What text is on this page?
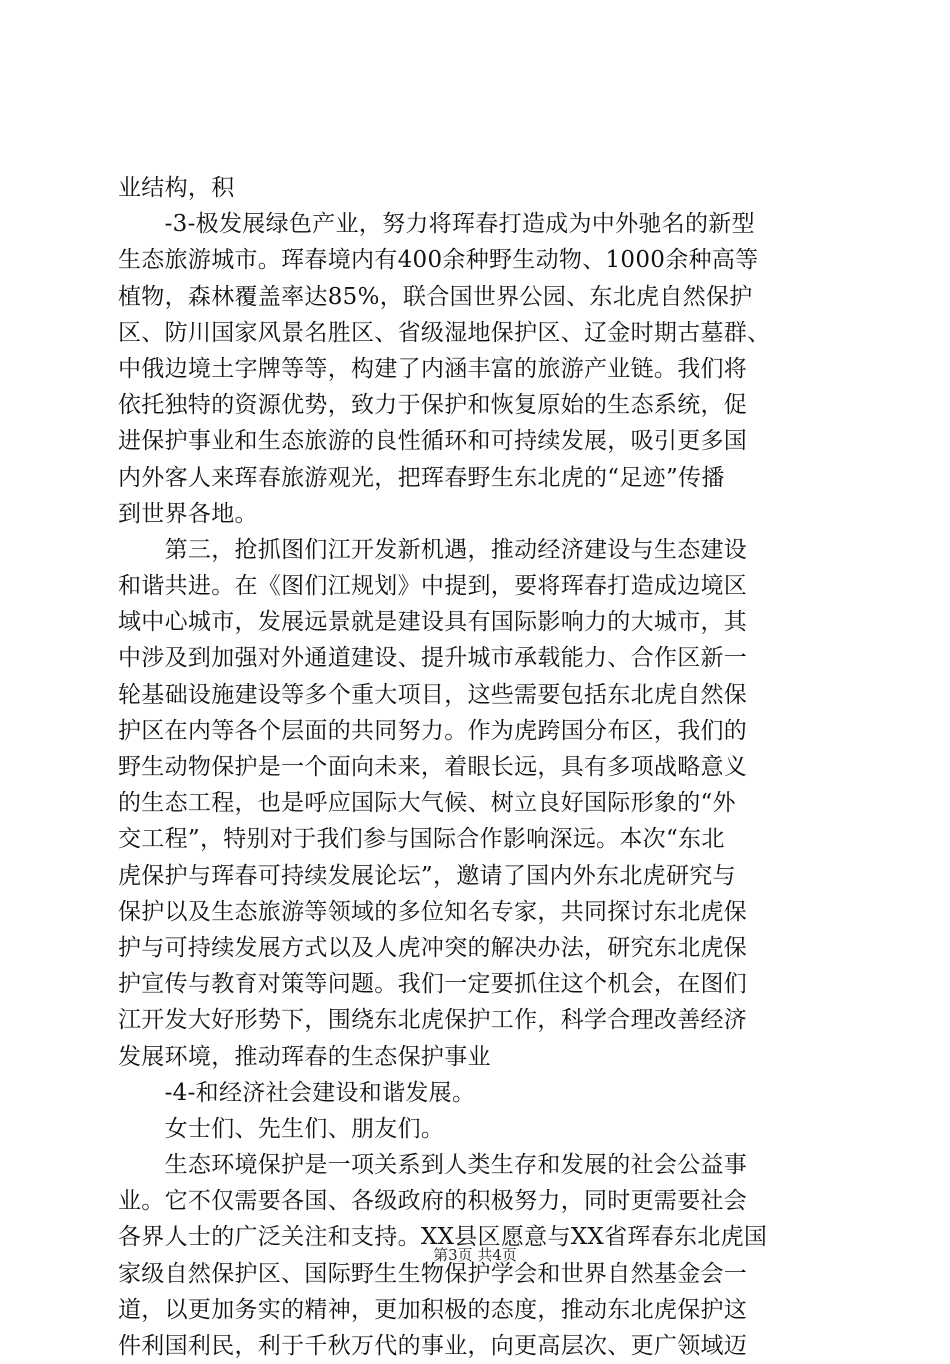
业结构，积
　　-3-极发展绿色产业，努力将珲春打造成为中外驰名的新型
生态旅游城市。珲春境内有400余种野生动物、1000余种高等
植物，森林覆盖率达85%，联合国世界公园、东北虎自然保护
区、防川国家风景名胜区、省级湿地保护区、辽金时期古墓群、
中俄边境土字牌等等，构建了内涵丰富的旅游产业链。我们将
依托独特的资源优势，致力于保护和恢复原始的生态系统，促
进保护事业和生态旅游的良性循环和可持续发展，吸引更多国
内外客人来珲春旅游观光，把珲春野生东北虎的“足迹”传播
到世界各地。
　　第三，抢抓图们江开发新机遇，推动经济建设与生态建设
和谐共进。在《图们江规划》中提到，要将珲春打造成边境区
域中心城市，发展远景就是建设具有国际影响力的大城市，其
中涉及到加强对外通道建设、提升城市承载能力、合作区新一
轮基础设施建设等多个重大项目，这些需要包括东北虎自然保
护区在内等各个层面的共同努力。作为虎跨国分布区，我们的
野生动物保护是一个面向未来，着眼长远，具有多项战略意义
的生态工程，也是呼应国际大气候、树立良好国际形象的“外
交工程”，特别对于我们参与国际合作影响深远。本次“东北
虎保护与珲春可持续发展论坛”，邀请了国内外东北虎研究与
保护以及生态旅游等领域的多位知名专家，共同探讨东北虎保
护与可持续发展方式以及人虎冲突的解决办法，研究东北虎保
护宣传与教育对策等问题。我们一定要抓住这个机会，在图们
江开发大好形势下，围绕东北虎保护工作，科学合理改善经济
发展环境，推动珲春的生态保护事业
　　-4-和经济社会建设和谐发展。
　　女士们、先生们、朋友们。
　　生态环境保护是一项关系到人类生存和发展的社会公益事
业。它不仅需要各国、各级政府的积极努力，同时更需要社会
各界人士的广泛关注和支持。XX县区愿意与XX省珲春东北虎国
家级自然保护区、国际野生生物保护学会和世界自然基金会一
道，以更加务实的精神，更加积极的态度，推动东北虎保护这
件利国利民，利于千秋万代的事业，向更高层次、更广领域迈
第3页 共4页
